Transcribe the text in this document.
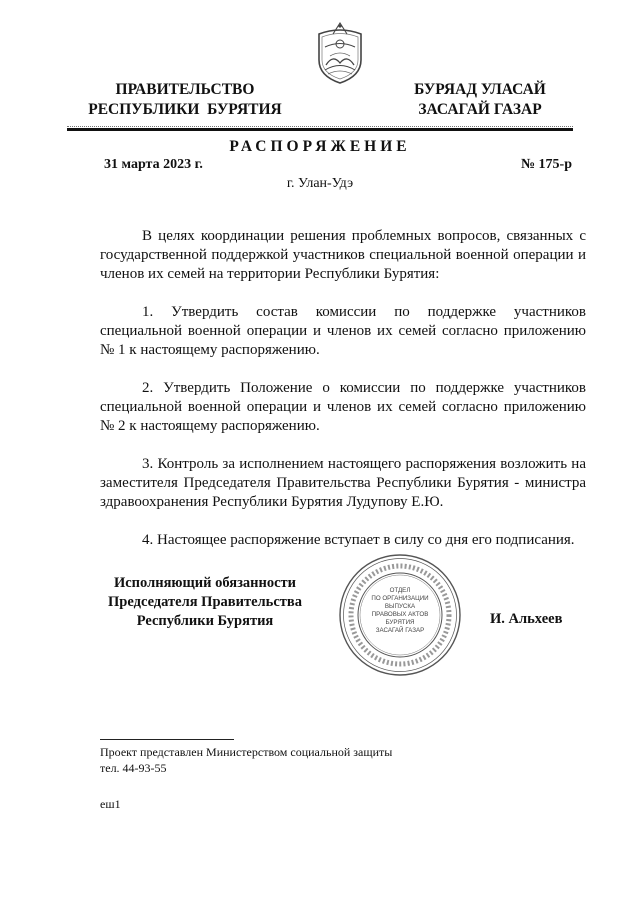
ПРАВИТЕЛЬСТВО
РЕСПУБЛИКИ  БУРЯТИЯ
БУРЯАД УЛАСАЙ
ЗАСАГАЙ ГАЗАР
РАСПОРЯЖЕНИЕ
31 марта 2023 г.	№ 175-р
г. Улан-Удэ

В целях координации решения проблемных вопросов, связанных с государственной поддержкой участников специальной военной операции и членов их семей на территории Республики Бурятия:

1. Утвердить состав комиссии по поддержке участников специальной военной операции и членов их семей согласно приложению № 1 к настоящему распоряжению.

2. Утвердить Положение о комиссии по поддержке участников специальной военной операции и членов их семей согласно приложению № 2 к настоящему распоряжению.

3. Контроль за исполнением настоящего распоряжения возложить на заместителя Председателя Правительства Республики Бурятия - министра здравоохранения Республики Бурятия Лудупову Е.Ю.

4. Настоящее распоряжение вступает в силу со дня его подписания.

Исполняющий обязанности
Председателя Правительства
Республики Бурятия
ОТДЕЛ
ПО ОРГАНИЗАЦИИ
ВЫПУСКА
ПРАВОВЫХ АКТОВ
БУРЯТИЯ
ЗАСАГАЙ ГАЗАР
И. Альхеев
Проект представлен Министерством социальной защиты
тел. 44-93-55
еш1
